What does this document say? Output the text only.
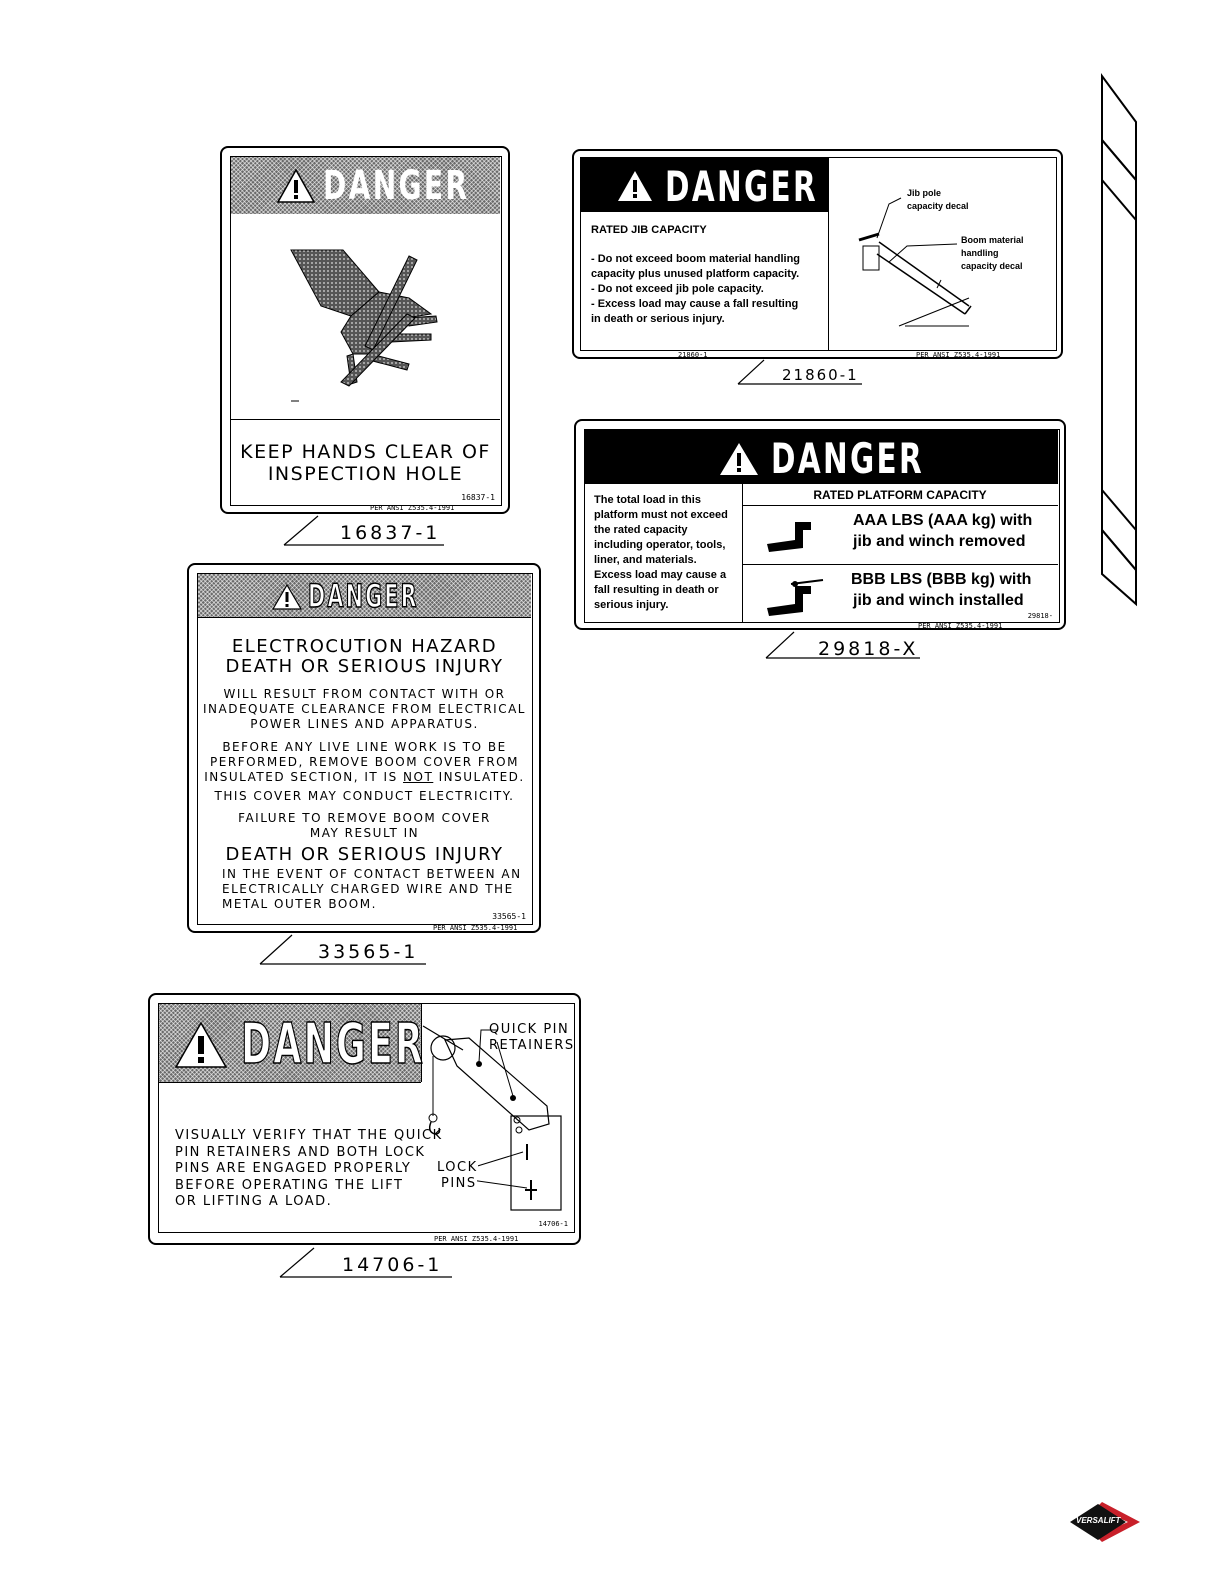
DANGER
KEEP HANDS CLEAR OF
INSPECTION HOLE
16837-1
PER ANSI Z535.4-1991
16837-1
DANGER
RATED JIB CAPACITY
- Do not exceed boom material handling
capacity plus unused platform capacity.
- Do not exceed jib pole capacity.
- Excess load may cause a fall resulting
in death or serious injury.
Jib pole
capacity decal
Boom material
handling
capacity decal
21860-1	PER ANSI Z535.4-1991
21860-1
DANGER
The total load in this
platform must not exceed
the rated capacity
including operator, tools,
liner, and materials.
Excess load may cause a
fall resulting in death or
serious injury.
RATED PLATFORM CAPACITY
AAA LBS (AAA kg) with
jib and winch removed
BBB LBS (BBB kg) with
jib and winch installed
29818-
PER ANSI Z535.4-1991
29818-X
DANGER
ELECTROCUTION HAZARD
DEATH OR SERIOUS INJURY
WILL RESULT FROM CONTACT WITH OR
INADEQUATE CLEARANCE FROM ELECTRICAL
POWER LINES AND APPARATUS.
BEFORE ANY LIVE LINE WORK IS TO BE
PERFORMED, REMOVE BOOM COVER FROM
INSULATED SECTION, IT IS NOT INSULATED.
THIS COVER MAY CONDUCT ELECTRICITY.
FAILURE TO REMOVE BOOM COVER
MAY RESULT IN
DEATH OR SERIOUS INJURY
IN THE EVENT OF CONTACT BETWEEN AN
ELECTRICALLY CHARGED WIRE AND THE
METAL OUTER BOOM.
33565-1
PER ANSI Z535.4-1991
33565-1
DANGER
VISUALLY VERIFY THAT THE QUICK
PIN RETAINERS AND BOTH LOCK
PINS ARE ENGAGED PROPERLY
BEFORE OPERATING THE LIFT
OR LIFTING A LOAD.
QUICK PIN
RETAINERS
LOCK
PINS
14706-1
PER ANSI Z535.4-1991
14706-1
VERSALIFT
